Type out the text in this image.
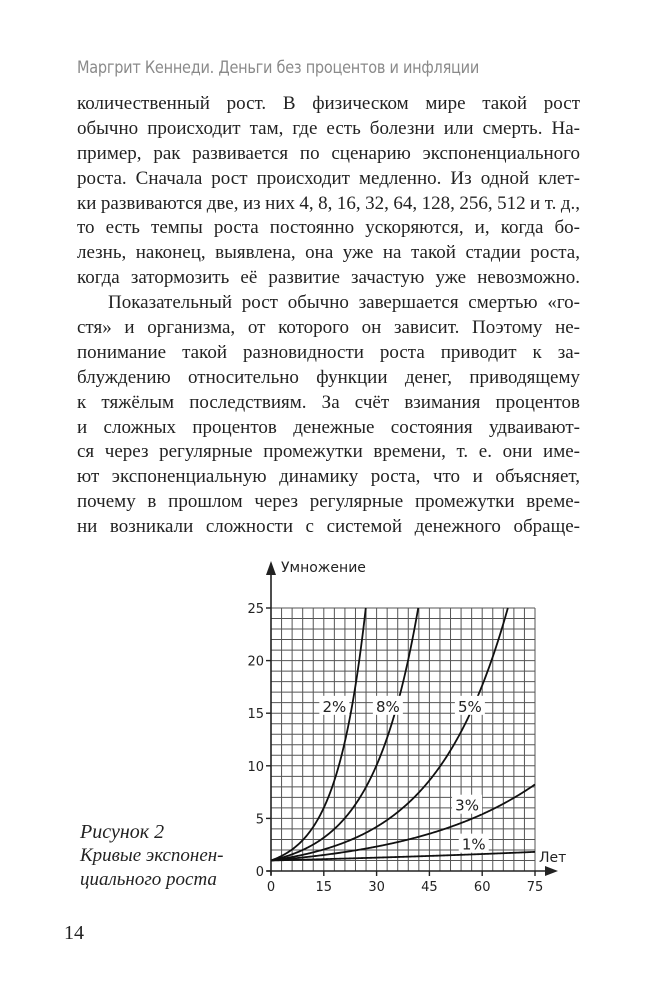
Маргрит Кеннеди. Деньги без процентов и инфляции
количественный рост. В физическом мире такой рост
обычно происходит там, где есть болезни или смерть. На-
пример, рак развивается по сценарию экспоненциального
роста. Сначала рост происходит медленно. Из одной клет-
ки развиваются две, из них 4, 8, 16, 32, 64, 128, 256, 512 и т. д.,
то есть темпы роста постоянно ускоряются, и, когда бо-
лезнь, наконец, выявлена, она уже на такой стадии роста,
когда затормозить её развитие зачастую уже невозможно.
Показательный рост обычно завершается смертью «го-
стя» и организма, от которого он зависит. Поэтому не-
понимание такой разновидности роста приводит к за-
блуждению относительно функции денег, приводящему
к тяжёлым последствиям. За счёт взимания процентов
и сложных процентов денежные состояния удваивают-
ся через регулярные промежутки времени, т. е. они име-
ют экспоненциальную динамику роста, что и объясняет,
почему в прошлом через регулярные промежутки време-
ни возникали сложности с системой денежного обраще-
0
5
10
15
20
25
0	15	30	45	60	75
Умножение
Лет
2% 8%	5%
3%
1%
Рисунок 2
Кривые экспонен-
циального роста
14
